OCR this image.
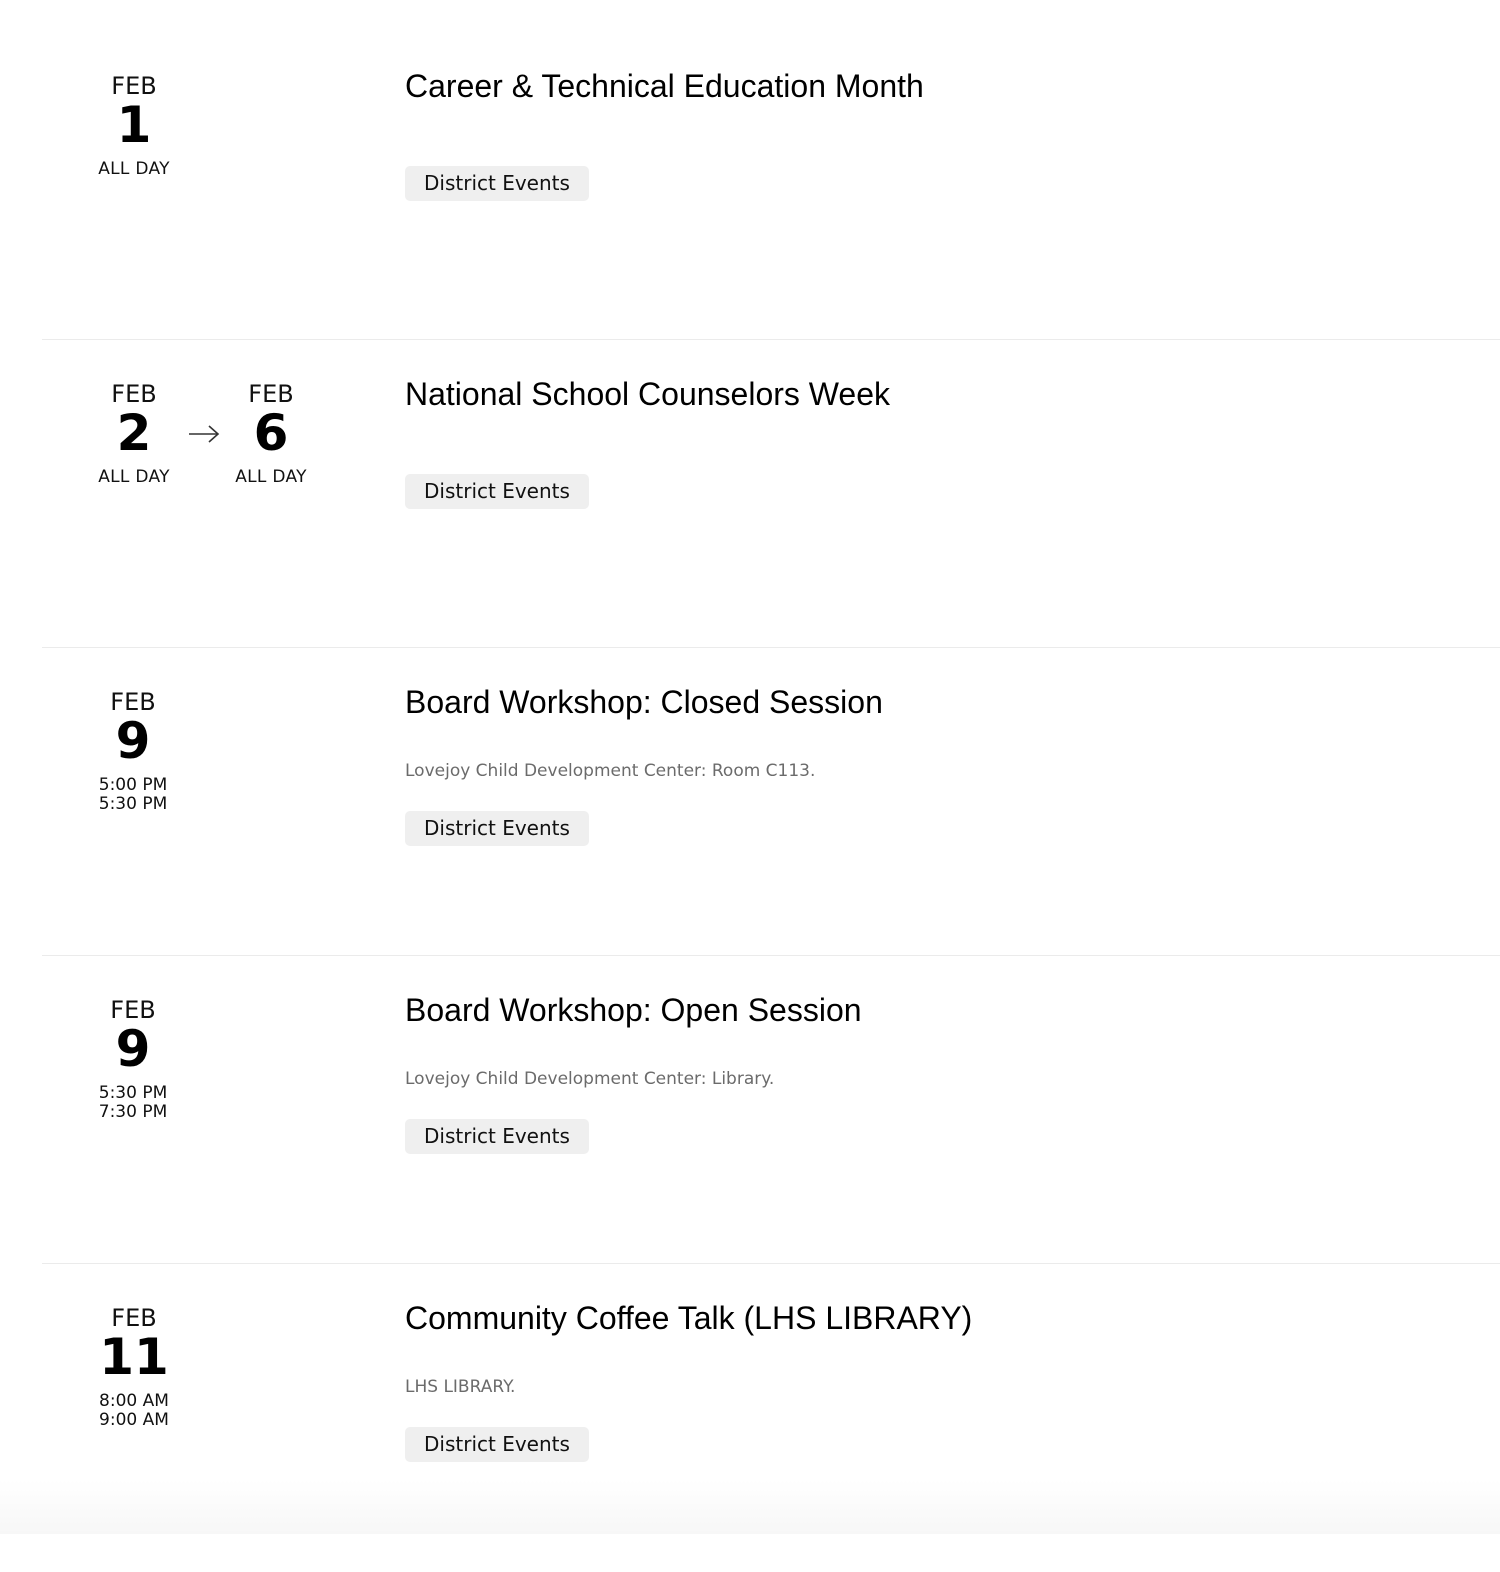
FEB
1
ALL DAY
Career & Technical Education Month
District Events
FEB
2
ALL DAY
FEB
6
ALL DAY
National School Counselors Week
District Events
FEB
9
5:00 PM
5:30 PM
Board Workshop: Closed Session
Lovejoy Child Development Center: Room C113.
District Events
FEB
9
5:30 PM
7:30 PM
Board Workshop: Open Session
Lovejoy Child Development Center: Library.
District Events
FEB
11
8:00 AM
9:00 AM
Community Coffee Talk (LHS LIBRARY)
LHS LIBRARY.
District Events
